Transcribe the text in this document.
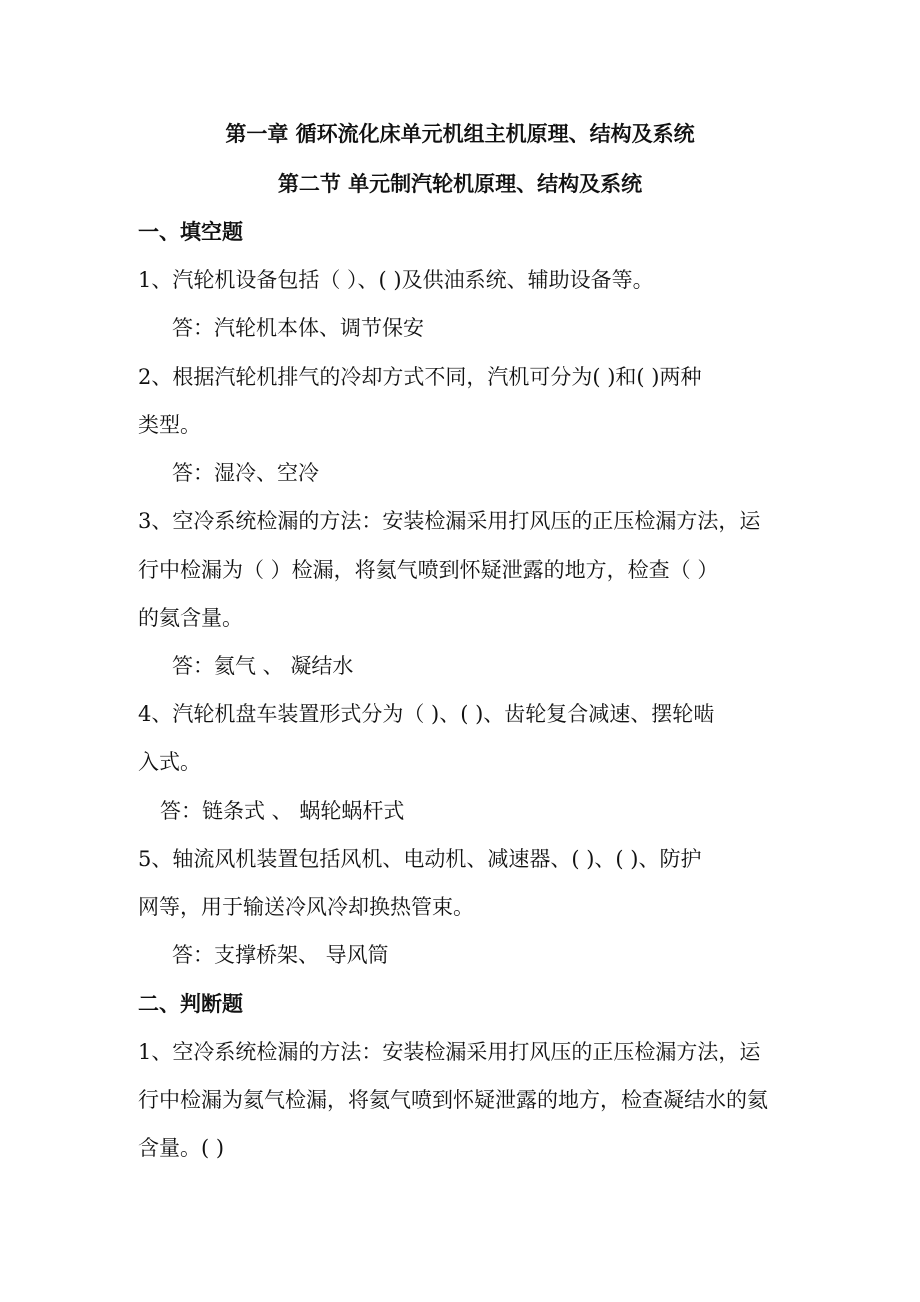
第一章 循环流化床单元机组主机原理、结构及系统
第二节 单元制汽轮机原理、结构及系统
一、填空题
1、汽轮机设备包括（ ）、( )及供油系统、辅助设备等。
答：汽轮机本体、调节保安
2、根据汽轮机排气的冷却方式不同，汽机可分为( )和( )两种
类型。
答：湿冷、空冷
3、空冷系统检漏的方法：安装检漏采用打风压的正压检漏方法，运
行中检漏为（ ）检漏，将氦气喷到怀疑泄露的地方，检查（ ）
的氦含量。
答：氦气 、 凝结水
4、汽轮机盘车装置形式分为（ )、( )、齿轮复合减速、摆轮啮
入式。
答：链条式 、 蜗轮蜗杆式
5、轴流风机装置包括风机、电动机、减速器、( )、( )、防护
网等，用于输送冷风冷却换热管束。
答：支撑桥架、 导风筒
二、判断题
1、空冷系统检漏的方法：安装检漏采用打风压的正压检漏方法，运
行中检漏为氦气检漏，将氦气喷到怀疑泄露的地方，检查凝结水的氦
含量。( )
